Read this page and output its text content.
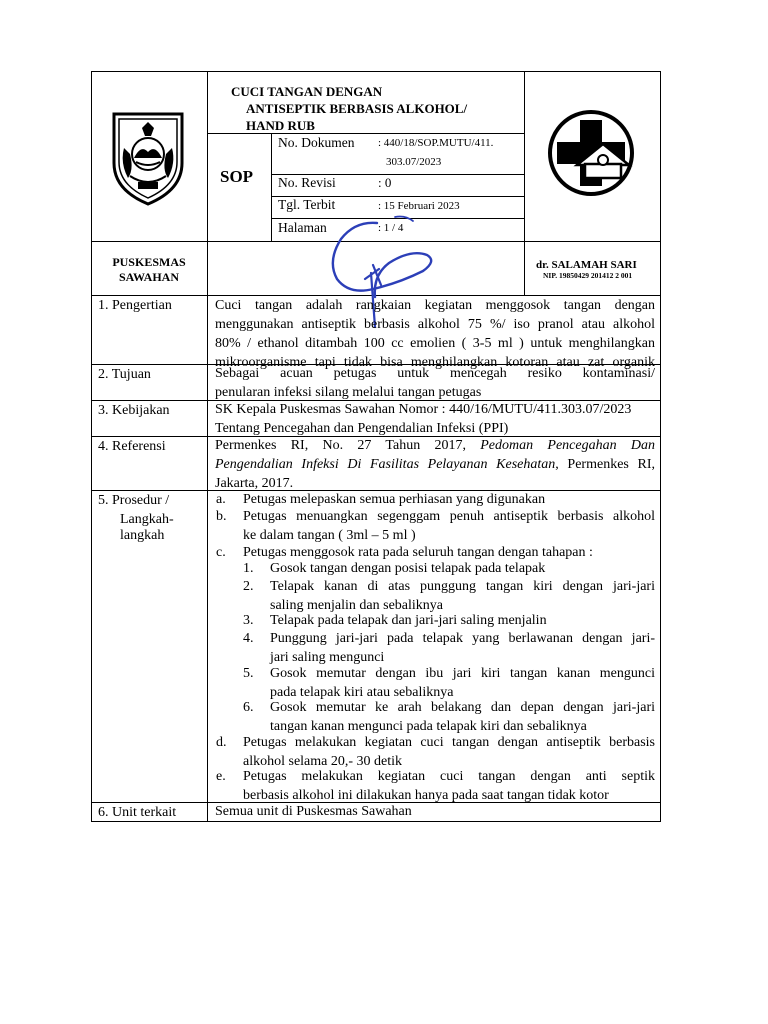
CUCI TANGAN DENGAN
ANTISEPTIK BERBASIS ALKOHOL/
HAND RUB
SOP
No. Dokumen : 440/18/SOP.MUTU/411.
303.07/2023
No. Revisi	: 0
Tgl. Terbit	: 15 Februari 2023
Halaman	: 1 / 4
PUSKESMAS
SAWAHAN
dr. SALAMAH SARI
NIP. 19850429 201412 2 001
1. Pengertian	Cuci tangan adalah rangkaian kegiatan menggosok tangan dengan
menggunakan antiseptik berbasis alkohol 75 %/ iso pranol atau alkohol
80% / ethanol ditambah 100 cc emolien ( 3-5 ml ) untuk menghilangkan
mikroorganisme tapi tidak bisa menghilangkan kotoran atau zat organik
2. Tujuan	Sebagai acuan petugas untuk mencegah resiko kontaminasi/
penularan infeksi silang melalui tangan petugas
3. Kebijakan	SK Kepala Puskesmas Sawahan Nomor : 440/16/MUTU/411.303.07/2023
Tentang Pencegahan dan Pengendalian Infeksi (PPI)
4. Referensi	Permenkes RI, No. 27 Tahun 2017, Pedoman Pencegahan Dan
Pengendalian Infeksi Di Fasilitas Pelayanan Kesehatan, Permenkes RI,
Jakarta, 2017.
5. Prosedur /
Langkah-
langkah
a. Petugas melepaskan semua perhiasan yang digunakan
b. Petugas menuangkan segenggam penuh antiseptik berbasis alkohol
ke dalam tangan ( 3ml – 5 ml )
c. Petugas menggosok rata pada seluruh tangan dengan tahapan :
1. Gosok tangan dengan posisi telapak pada telapak
2. Telapak kanan di atas punggung tangan kiri dengan jari-jari
saling menjalin dan sebaliknya
3. Telapak pada telapak dan jari-jari saling menjalin
4. Punggung jari-jari pada telapak yang berlawanan dengan jari-
jari saling mengunci
5. Gosok memutar dengan ibu jari kiri tangan kanan mengunci
pada telapak kiri atau sebaliknya
6. Gosok memutar ke arah belakang dan depan dengan jari-jari
tangan kanan mengunci pada telapak kiri dan sebaliknya
d. Petugas melakukan kegiatan cuci tangan dengan antiseptik berbasis
alkohol selama 20,- 30 detik
e. Petugas melakukan kegiatan cuci tangan dengan anti septik
berbasis alkohol ini dilakukan hanya pada saat tangan tidak kotor
6. Unit terkait	Semua unit di Puskesmas Sawahan
